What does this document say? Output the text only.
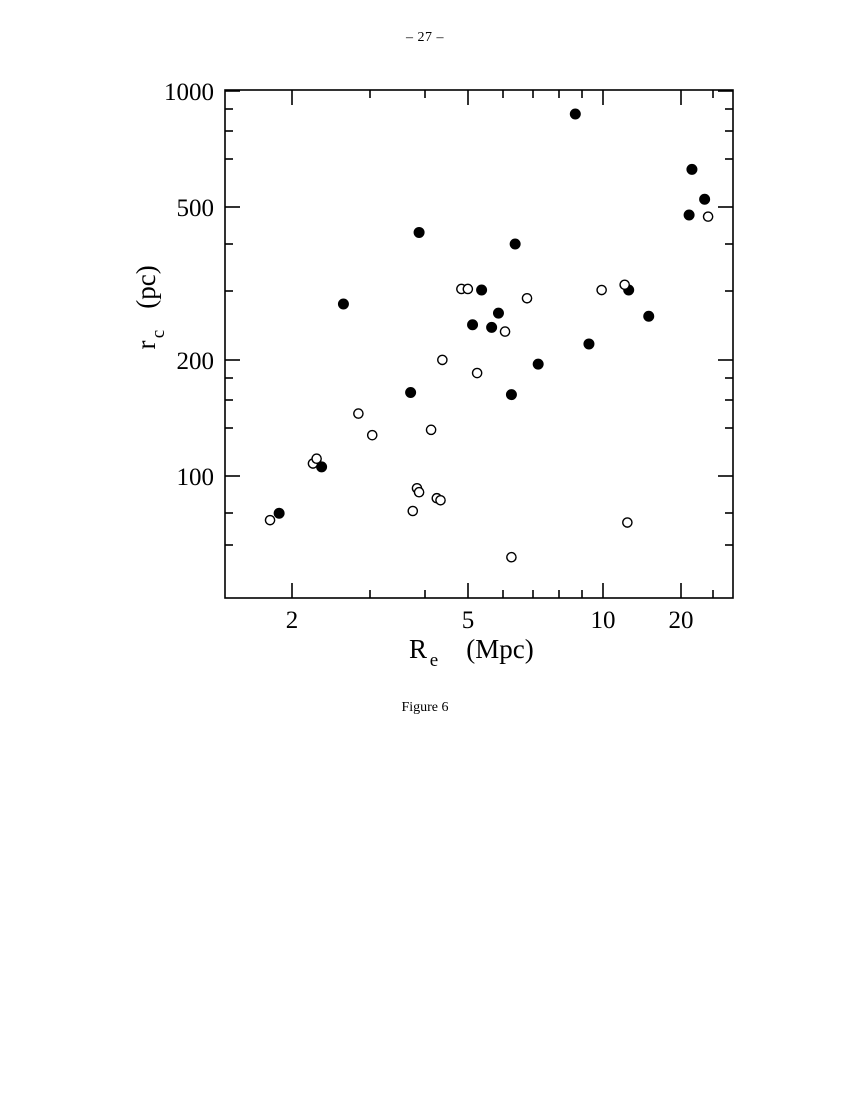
– 27 –
2	5	10 20
100
200
500
1000
R e (Mpc)
r
c
(pc)
Figure 6
